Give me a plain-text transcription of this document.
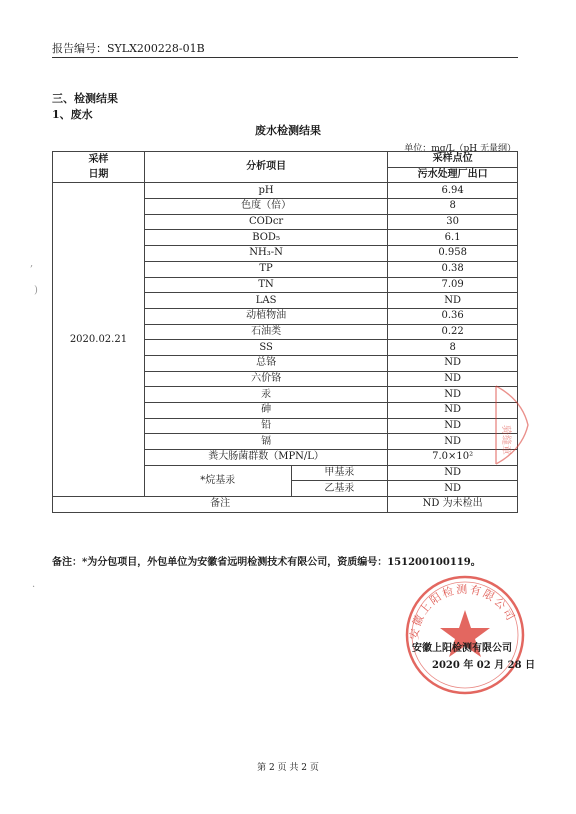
报告编号：SYLX200228-01B
三、检测结果
1、废水
废水检测结果
单位：mg/L（pH 无量纲）
采样
日期	分析项目		采样点位
			污水处理厂出口
2020.02.21	pH		6.94
	色度（倍）		8
	CODcr		30
	BOD₅		6.1
	NH₃-N		0.958
	TP		0.38
	TN		7.09
	LAS		ND
	动植物油		0.36
	石油类		0.22
	SS		8
	总铬		ND
	六价铬		ND
	汞		ND
	砷		ND
	铅		ND
	镉		ND
	粪大肠菌群数（MPN/L）		7.0×10²
	*烷基汞	甲基汞	ND
		乙基汞	ND
备注			ND 为未检出
备注：*为分包项目，外包单位为安徽省远明检测技术有限公司，资质编号：151200100119。
骑缝章
安徽上阳检测有限公司
安徽上阳检测有限公司
2020 年 02 月 28 日
,
)
·
第 2 页 共 2 页
